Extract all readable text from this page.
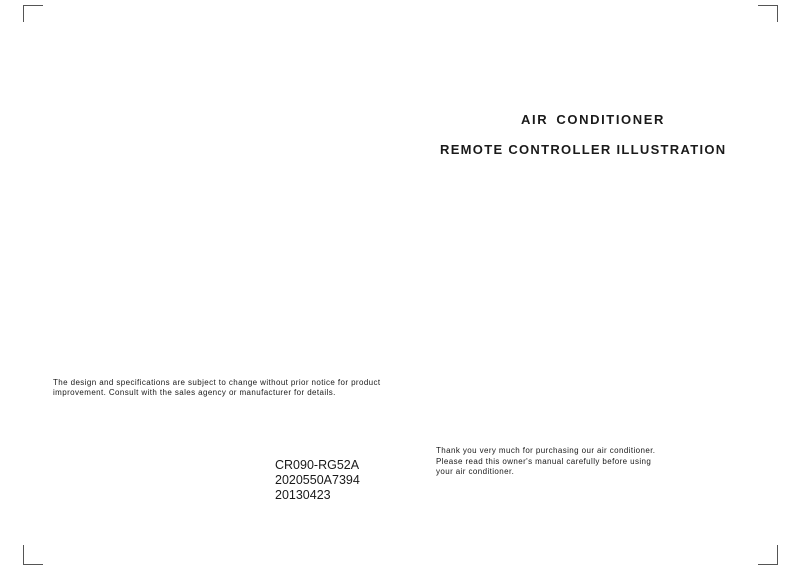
AIR CONDITIONER
REMOTE CONTROLLER ILLUSTRATION
The design and specifications are subject to change without prior notice for product improvement. Consult with the sales agency or manufacturer for details.
CR090-RG52A
2020550A7394
20130423
Thank you very much for purchasing our air conditioner.
Please read this owner's manual carefully before using
your air conditioner.
